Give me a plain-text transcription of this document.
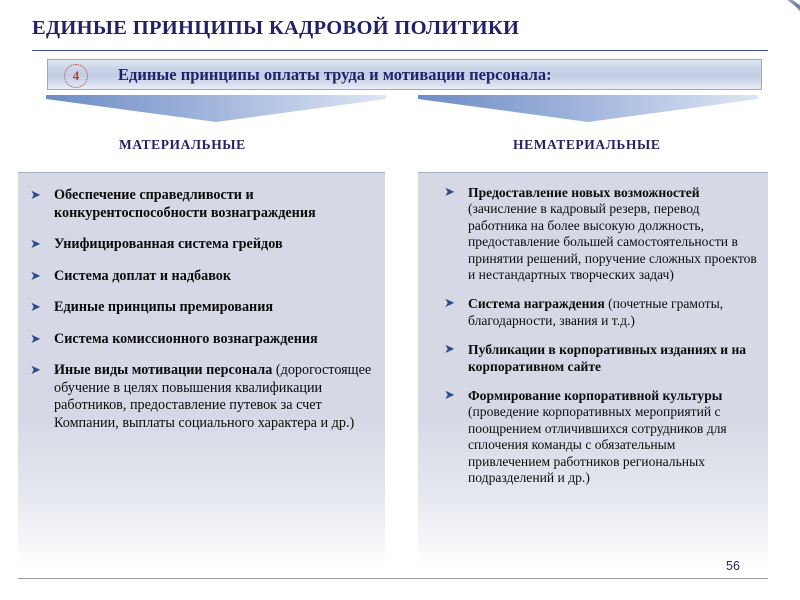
ЕДИНЫЕ ПРИНЦИПЫ КАДРОВОЙ ПОЛИТИКИ
4	Единые принципы оплаты труда и мотивации персонала:
МАТЕРИАЛЬНЫЕ	НЕМАТЕРИАЛЬНЫЕ
➤ Обеспечение справедливости и конкурентоспособности вознаграждения
➤ Унифицированная система грейдов
➤ Система доплат и надбавок
➤ Единые принципы премирования
➤ Система комиссионного вознаграждения
➤ Иные виды мотивации персонала (дорогостоящее обучение в целях повышения квалификации работников, предоставление путевок за счет Компании, выплаты социального характера и др.)
➤ Предоставление новых возможностей (зачисление в кадровый резерв, перевод работника на более высокую должность, предоставление большей самостоятельности в принятии решений, поручение сложных проектов и нестандартных творческих задач)
➤ Система награждения (почетные грамоты, благодарности, звания и т.д.)
➤ Публикации в корпоративных изданиях и на корпоративном сайте
➤ Формирование корпоративной культуры (проведение корпоративных мероприятий с поощрением отличившихся сотрудников для сплочения команды с обязательным привлечением работников региональных подразделений и др.)
56
